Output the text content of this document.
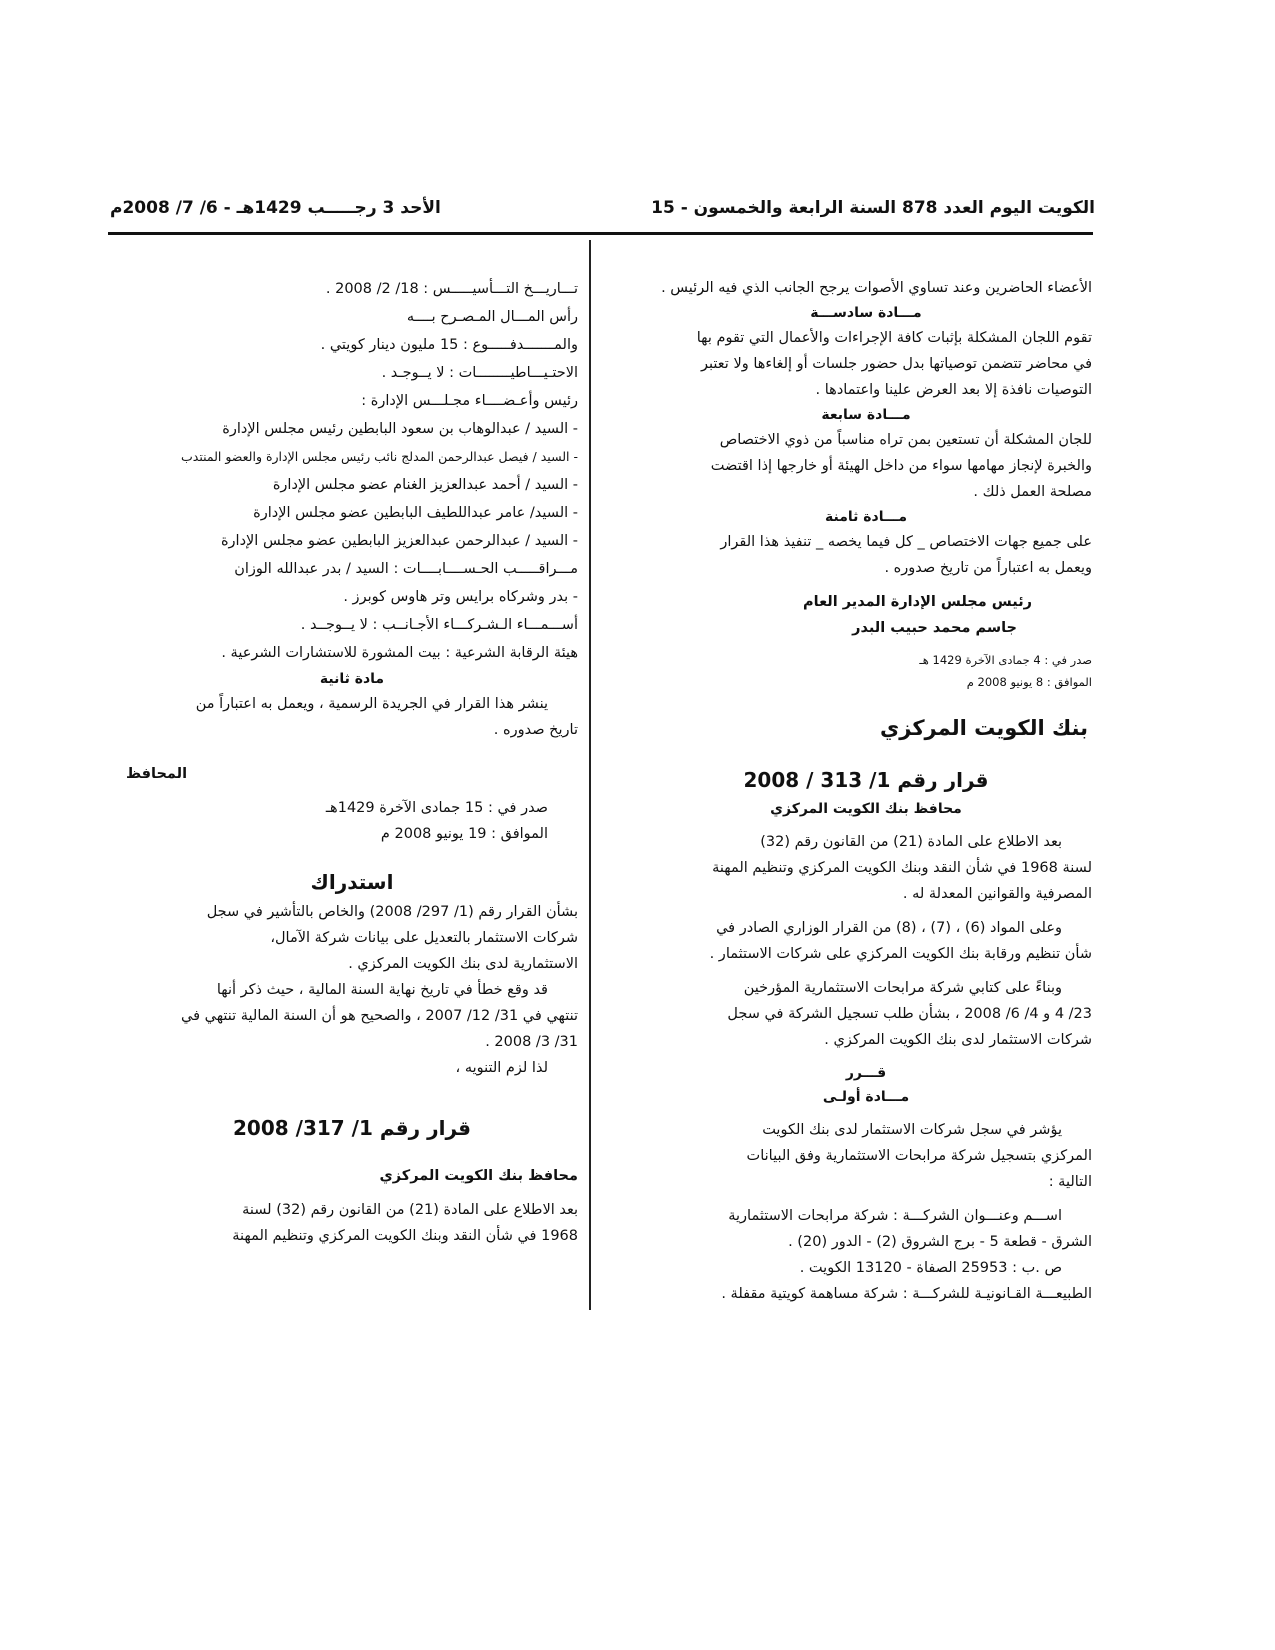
الكويت اليوم العدد 878 السنة الرابعة والخمسون - 15
الأحد 3 رجـــــب 1429هـ - 6/ 7/ 2008م
الأعضاء الحاضرين وعند تساوي الأصوات يرجح الجانب الذي فيه الرئيس .
مـــادة سادســـة
تقوم اللجان المشكلة بإثبات كافة الإجراءات والأعمال التي تقوم بها
في محاضر تتضمن توصياتها بدل حضور جلسات أو إلغاءها ولا تعتبر
التوصيات نافذة إلا بعد العرض علينا واعتمادها .
مـــادة سابعة
للجان المشكلة أن تستعين بمن تراه مناسباً من ذوي الاختصاص
والخبرة لإنجاز مهامها سواء من داخل الهيئة أو خارجها إذا اقتضت
مصلحة العمل ذلك .
مـــادة ثامنة
على جميع جهات الاختصاص _ كل فيما يخصه _ تنفيذ هذا القرار
ويعمل به اعتباراً من تاريخ صدوره .
رئيس مجلس الإدارة المدير العام
جاسم محمد حبيب البدر
صدر في : 4 جمادى الآخرة 1429 هـ
الموافق : 8 يونيو 2008 م
بنك الكويت المركزي
قرار رقم 1/ 313 / 2008
محافظ بنك الكويت المركزي
بعد الاطلاع على المادة (21) من القانون رقم (32)
لسنة 1968 في شأن النقد وبنك الكويت المركزي وتنظيم المهنة
المصرفية والقوانين المعدلة له .
وعلى المواد (6) ، (7) ، (8) من القرار الوزاري الصادر في
شأن تنظيم ورقابة بنك الكويت المركزي على شركات الاستثمار .
وبناءً على كتابي شركة مرابحات الاستثمارية المؤرخين
23/ 4 و 4/ 6/ 2008 ، بشأن طلب تسجيل الشركة في سجل
شركات الاستثمار لدى بنك الكويت المركزي .
قـــرر
مـــادة أولـى
يؤشر في سجل شركات الاستثمار لدى بنك الكويت
المركزي بتسجيل شركة مرابحات الاستثمارية وفق البيانات
التالية :
اســـم وعنـــوان الشركـــة : شركة مرابحات الاستثمارية
الشرق - قطعة 5 - برج الشروق (2) - الدور (20) .
ص .ب : 25953 الصفاة - 13120 الكويت .
الطبيعـــة القـانونيـة للشركـــة : شركة مساهمة كويتية مقفلة .
تـــاريـــخ التـــأسيـــــس : 18/ 2/ 2008 .
رأس المـــال المـصـرح بــــه
والمـــــــدفـــــوع : 15 مليون دينار كويتي .
الاحتـيـــاطيــــــــات : لا يــوجـد .
رئيس وأعـضــــاء مجـلـــس الإدارة :
- السيد / عبدالوهاب بن سعود البابطين رئيس مجلس الإدارة
- السيد / فيصل عبدالرحمن المدلج نائب رئيس مجلس الإدارة والعضو المنتدب
- السيد / أحمد عبدالعزيز الغنام عضو مجلس الإدارة
- السيد/ عامر عبداللطيف البابطين عضو مجلس الإدارة
- السيد / عبدالرحمن عبدالعزيز البابطين عضو مجلس الإدارة
مـــراقـــــب الحـســــابــــات : السيد / بدر عبدالله الوزان
- بدر وشركاه برايس وتر هاوس كوبرز .
أســـمـــاء الـشـركـــاء الأجـانــب : لا يــوجــد .
هيئة الرقابة الشرعية : بيت المشورة للاستشارات الشرعية .
مادة ثانية
ينشر هذا القرار في الجريدة الرسمية ، ويعمل به اعتباراً من
تاريخ صدوره .
المحافظ
صدر في : 15 جمادى الآخرة 1429هـ
الموافق : 19 يونيو 2008 م
استدراك
بشأن القرار رقم (1/ 297/ 2008) والخاص بالتأشير في سجل
شركات الاستثمار بالتعديل على بيانات شركة الآمال،
الاستثمارية لدى بنك الكويت المركزي .
قد وقع خطأ في تاريخ نهاية السنة المالية ، حيث ذكر أنها
تنتهي في 31/ 12/ 2007 ، والصحيح هو أن السنة المالية تنتهي في
31/ 3/ 2008 .
لذا لزم التنويه ،
قرار رقم 1/ 317/ 2008
محافظ بنك الكويت المركزي
بعد الاطلاع على المادة (21) من القانون رقم (32) لسنة
1968 في شأن النقد وبنك الكويت المركزي وتنظيم المهنة
